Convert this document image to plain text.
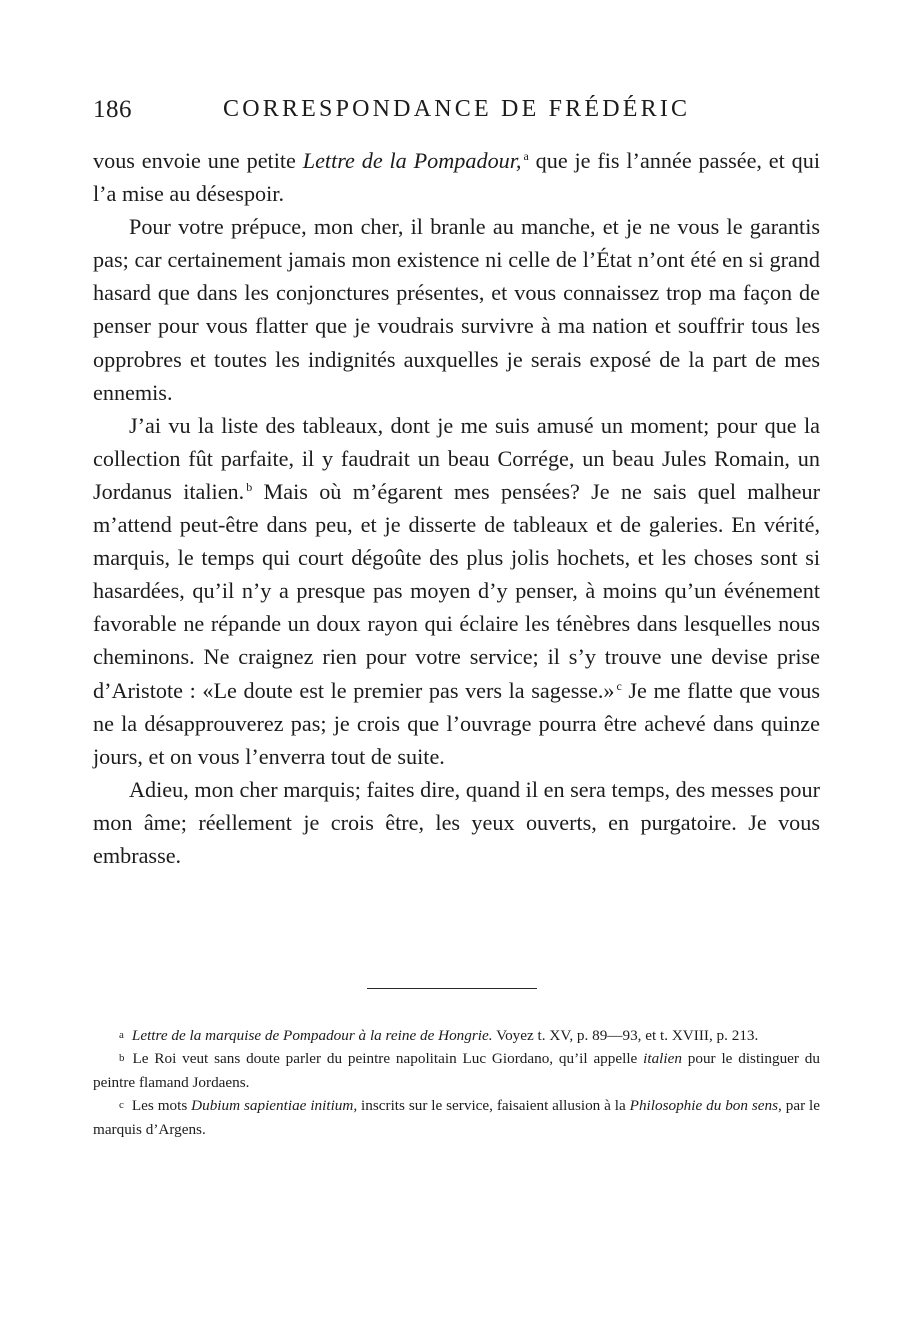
186	CORRESPONDANCE DE FRÉDÉRIC

vous envoie une petite Lettre de la Pompadour, $^a$ que je fis l’année passée, et qui l’a mise au désespoir.

Pour votre prépuce, mon cher, il branle au manche, et je ne vous le garantis pas; car certainement jamais mon existence ni celle de l’État n’ont été en si grand hasard que dans les conjonctures présentes, et vous connaissez trop ma façon de penser pour vous flatter que je voudrais survivre à ma nation et souffrir tous les opprobres et toutes les indignités auxquelles je serais exposé de la part de mes ennemis.

J’ai vu la liste des tableaux, dont je me suis amusé un moment; pour que la collection fût parfaite, il y faudrait un beau Corrége, un beau Jules Romain, un Jordanus italien. $^b$ Mais où m’égarent mes pensées? Je ne sais quel malheur m’attend peut-être dans peu, et je disserte de tableaux et de galeries. En vérité, marquis, le temps qui court dégoûte des plus jolis hochets, et les choses sont si hasardées, qu’il n’y a presque pas moyen d’y penser, à moins qu’un événement favorable ne répande un doux rayon qui éclaire les ténèbres dans lesquelles nous cheminons. Ne craignez rien pour votre service; il s’y trouve une devise prise d’Aristote : «Le doute est le premier pas vers la sagesse.» $^c$ Je me flatte que vous ne la désapprouverez pas; je crois que l’ouvrage pourra être achevé dans quinze jours, et on vous l’enverra tout de suite.

Adieu, mon cher marquis; faites dire, quand il en sera temps, des messes pour mon âme; réellement je crois être, les yeux ouverts, en purgatoire. Je vous embrasse.

a Lettre de la marquise de Pompadour à la reine de Hongrie. Voyez t. XV, p. 89—93, et t. XVIII, p. 213.

b Le Roi veut sans doute parler du peintre napolitain Luc Giordano, qu’il appelle italien pour le distinguer du peintre flamand Jordaens.

c Les mots Dubium sapientiae initium, inscrits sur le service, faisaient allusion à la Philosophie du bon sens, par le marquis d’Argens.
